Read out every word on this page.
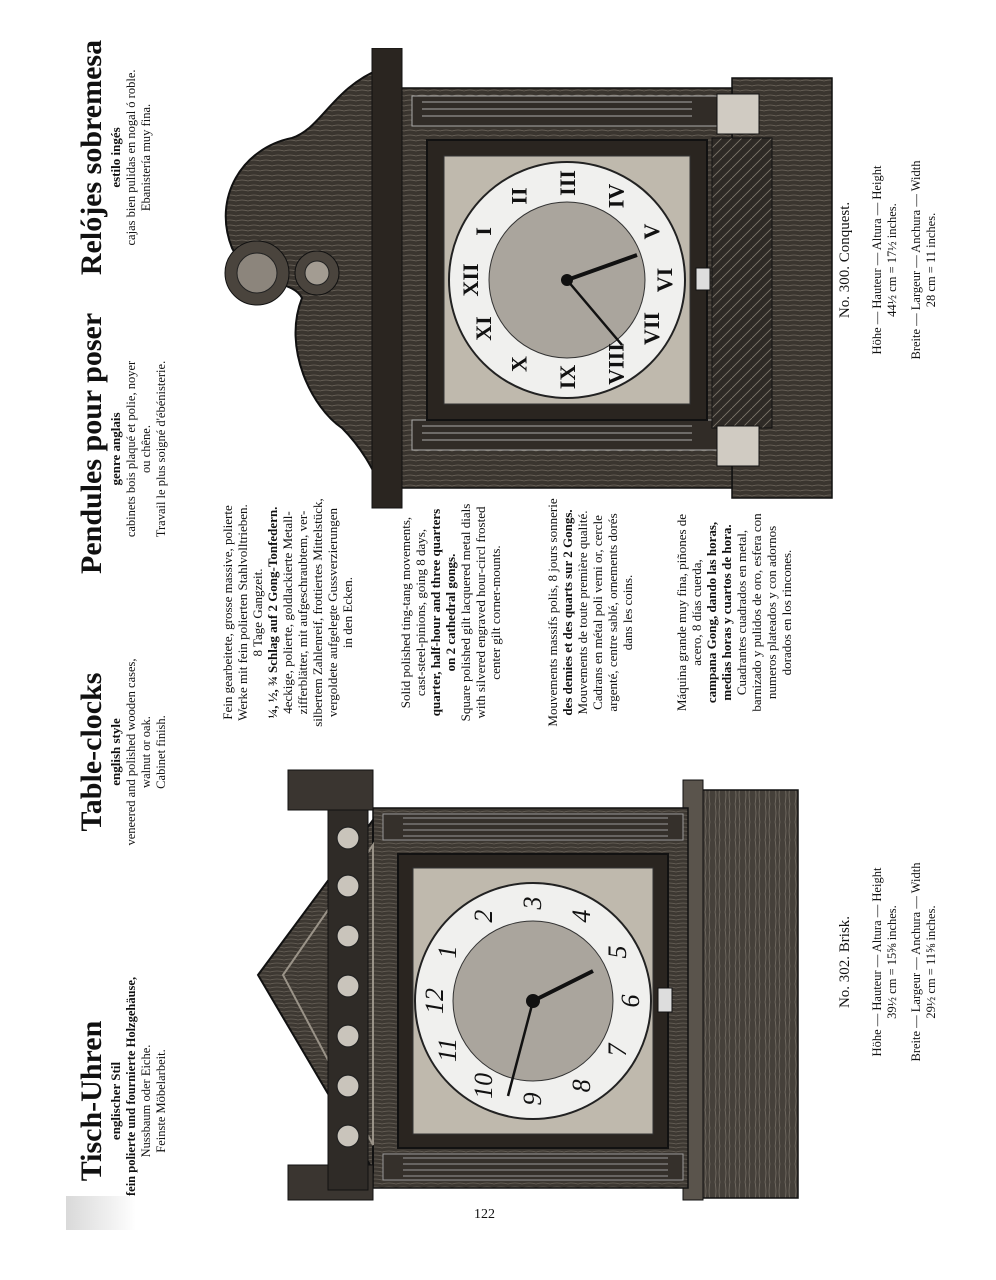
12
1
2
3
4
5
6
7
8
9
10
11
XII
I
II
III
IV
V
VI
VII
VIII
IX
X
XI
Tisch-Uhren englischer Stil fein polierte und fournierte Holzgehäuse, Nussbaum oder Eiche. Feinste Möbelarbeit.
Table-clocks english style veneered and polished wooden cases, walnut or oak. Cabinet finish.
Pendules pour poser genre anglais cabinets bois plaqué et polie, noyer ou chêne. Travail le plus soigné d'ébénisterie.
Relójes sobremesa estilo ingés cajas bien pulidas en nogal ó roble. Ebanistería muy fina.
Fein gearbeitete, grosse massive, polierte Werke mit fein polierten Stahlvolltrieben. 8 Tage Gangzeit. ¼, ½, ¾ Schlag auf 2 Gong-Tonfedern. 4eckige, polierte, goldlackierte Metall- zifferblätter, mit aufgeschraubtem, ver- silbertem Zahlenreif, frottiertes Mittelstück, vergoldete aufgelegte Gussverzierungen in den Ecken.	Solid polished ting-tang movements, cast-steel-pinions, going 8 days, quarter, half-hour and three quarters on 2 cathedral gongs. Square polished gilt lacquered metal dials with silvered engraved hour-circl frosted center gilt corner-mounts.	Mouvements massifs polis, 8 jours sonnerie des demies et des quarts sur 2 Gongs. Mouvements de toute première qualité. Cadrans en métal poli verni or, cercle argenté, centre sablé, ornements dorés dans les coins.	Máquina grande muy fina, piñones de acero, 8 días cuerda, campana Gong, dando las horas, medias horas y cuartos de hora. Cuadrantes cuadrados en metal, barnizado y pulidos de oro, esfera con numeros plateados y con adornos dorados en los rincones.
No. 302. Brisk. Höhe — Hauteur — Altura — Height 39½ cm = 15⅝ inches. Breite — Largeur — Anchura — Width 29½ cm = 11⅝ inches.
No. 300. Conquest. Höhe — Hauteur — Altura — Height 44½ cm = 17½ inches. Breite — Largeur — Anchura — Width 28 cm = 11 inches.
122
